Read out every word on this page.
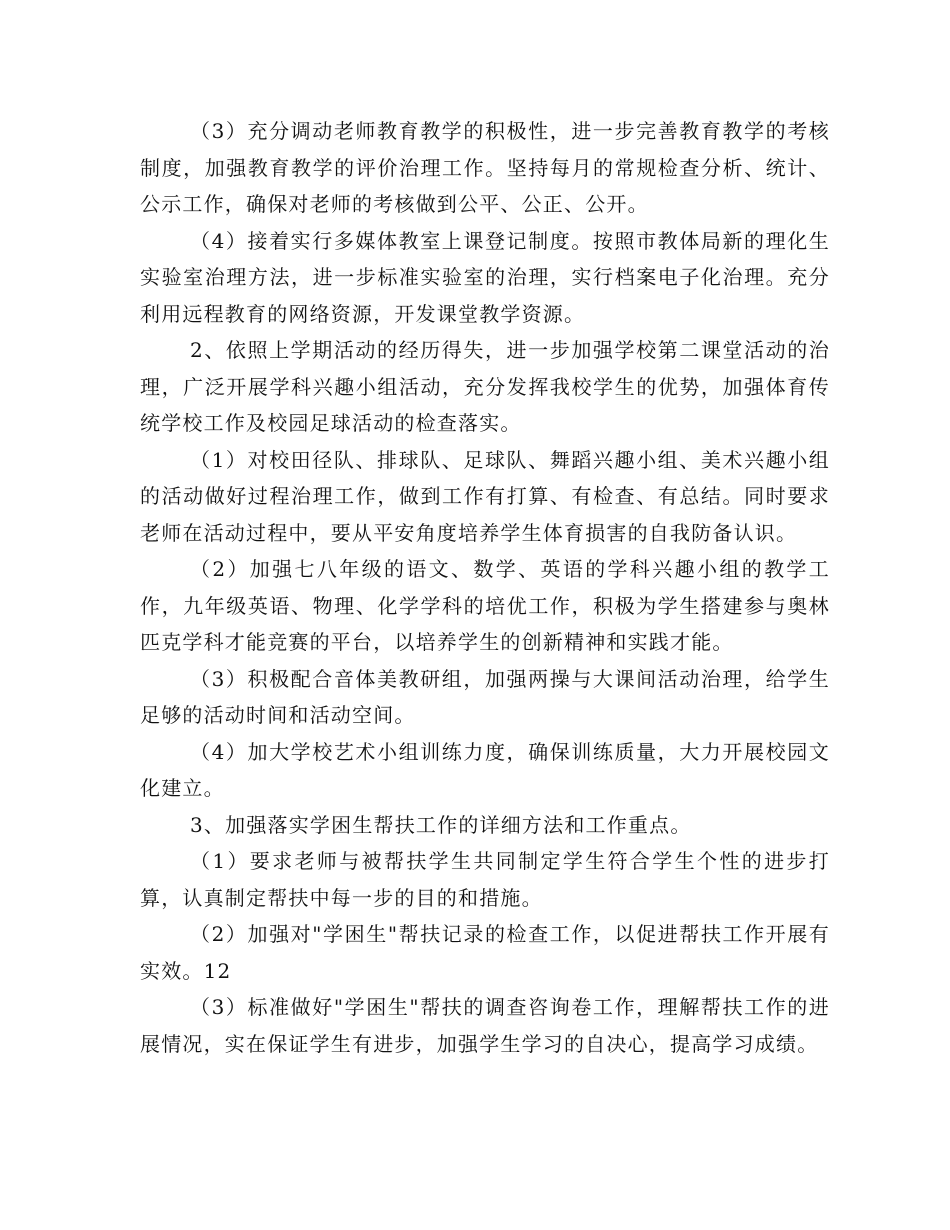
（3）充分调动老师教育教学的积极性，进一步完善教育教学的考核制度，加强教育教学的评价治理工作。坚持每月的常规检查分析、统计、公示工作，确保对老师的考核做到公平、公正、公开。

（4）接着实行多媒体教室上课登记制度。按照市教体局新的理化生实验室治理方法，进一步标准实验室的治理，实行档案电子化治理。充分利用远程教育的网络资源，开发课堂教学资源。

2、依照上学期活动的经历得失，进一步加强学校第二课堂活动的治理，广泛开展学科兴趣小组活动，充分发挥我校学生的优势，加强体育传统学校工作及校园足球活动的检查落实。

（1）对校田径队、排球队、足球队、舞蹈兴趣小组、美术兴趣小组的活动做好过程治理工作，做到工作有打算、有检查、有总结。同时要求老师在活动过程中，要从平安角度培养学生体育损害的自我防备认识。

（2）加强七八年级的语文、数学、英语的学科兴趣小组的教学工作，九年级英语、物理、化学学科的培优工作，积极为学生搭建参与奥林匹克学科才能竞赛的平台，以培养学生的创新精神和实践才能。

（3）积极配合音体美教研组，加强两操与大课间活动治理，给学生足够的活动时间和活动空间。

（4）加大学校艺术小组训练力度，确保训练质量，大力开展校园文化建立。

3、加强落实学困生帮扶工作的详细方法和工作重点。

（1）要求老师与被帮扶学生共同制定学生符合学生个性的进步打算，认真制定帮扶中每一步的目的和措施。

（2）加强对"学困生"帮扶记录的检查工作，以促进帮扶工作开展有实效。12

（3）标准做好"学困生"帮扶的调查咨询卷工作，理解帮扶工作的进展情况，实在保证学生有进步，加强学生学习的自决心，提高学习成绩。
